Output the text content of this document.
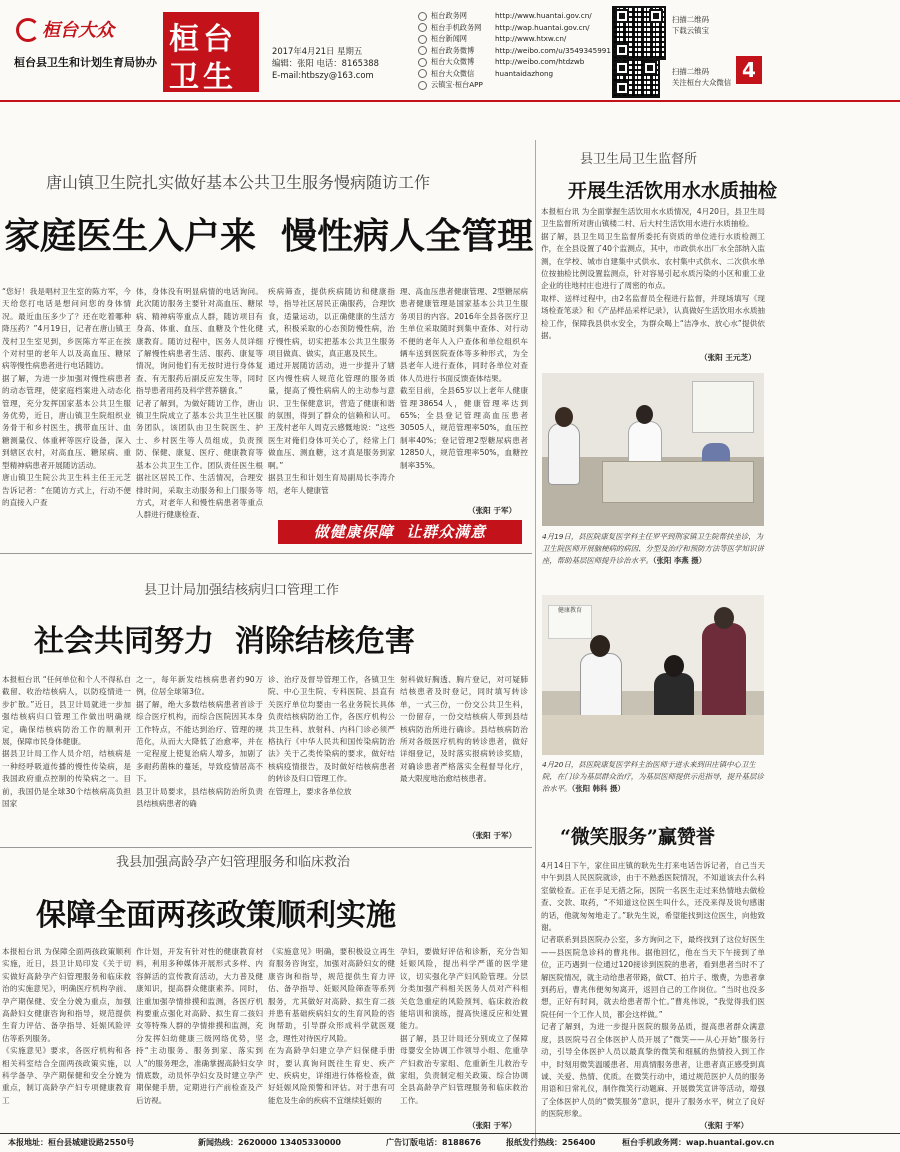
桓台大众
桓台县卫生和计划生育局协办
桓台
卫生
2017年4月21日 星期五
编辑：张阳 电话：8165388
E-mail:htbszy@163.com
桓台政务网	http://www.huantai.gov.cn/
桓台手机政务网 http://wap.huantai.gov.cn/
桓台新闻网	http://www.htxw.cn/
桓台政务微博	http://weibo.com/u/3549345991
桓台大众微博	http://weibo.com/htdzwb
桓台大众微信	huantaidazhong
云镇宝·桓台APP
扫描二维码
下载云镇宝
扫描二维码
关注桓台大众微信
4
唐山镇卫生院扎实做好基本公共卫生服务慢病随访工作
家庭医生入户来  慢性病人全管理
“您好！我是唱村卫生室的陈方军，今天给您打电话是想问问您的身体情况。最近血压多少了？还在吃着哪种降压药？”4月19日，记者在唐山镇王茂村卫生室见到，乡医陈方军正在挨个对村里的老年人以及高血压、糖尿病等慢性病患者进行电话随访。
据了解，为进一步加强对慢性病患者的动态管理，使家庭档案进入动态化管理，充分发挥国家基本公共卫生服务优势，近日，唐山镇卫生院组织业务骨干和乡村医生，携带血压计、血糖测量仪、体重秤等医疗设备，深入到辖区农村，对高血压、糖尿病、重型精神病患者开展随访活动。
唐山镇卫生院公共卫生科主任王元芝告诉记者：“在随访方式上，行动不便的直接入户查
体，身体没有明显病情的电话询问。此次随访服务主要针对高血压、糖尿病、精神病等重点人群，随访项目有身高、体重、血压、血糖及个性化健康教育。随访过程中，医务人员详细了解慢性病患者生活、服药、康复等情况，询问他们有无按时进行身体复查、有无服药后副反应发生等，同时指导患者用药及科学营养膳食。”
记者了解到，为做好随访工作，唐山镇卫生院成立了基本公共卫生社区服务团队，该团队由卫生院医生、护士、乡村医生等人员组成，负责预防、保健、康复、医疗、健康教育等基本公共卫生工作。团队责任医生根据社区居民工作、生活情况，合理安排时间，采取主动服务和上门服务等方式，对老年人和慢性病患者等重点人群进行健康检查、
疾病筛查，提供疾病随访和健康指导，指导社区居民正确服药，合理饮食，适量运动，以正确健康的生活方式，积极采取的心态预防慢性病，治疗慢性病，切实把基本公共卫生服务项目做真、做实，真正惠及民生。
通过开展随访活动，进一步提升了辖区内慢性病人规范化管理的服务质量，提高了慢性病病人的主动参与意识、卫生保健意识，营造了健康和谐的氛围，得到了群众的信赖和认可。王茂村老年人周克云感慨地说：“这些医生对俺们身体可关心了，经常上门做血压、测血糖，这才真是服务到家啊。”
据县卫生和计划生育局副局长李涛介绍，老年人健康管
理、高血压患者健康管理、2型糖尿病患者健康管理是国家基本公共卫生服务项目的内容。2016年全县各医疗卫生单位采取随时到集中查体、对行动不便的老年人入户查体和单位组织车辆车送到医院查体等多种形式，为全县老年人进行查体，同时各单位对查体人员进行书面反馈查体结果。
截至目前，全县65岁以上老年人健康管理38654人，健康管理率达到65%；全县登记管理高血压患者30505人，规范管理率50%，血压控制率40%；登记管理2型糖尿病患者12850人，规范管理率50%，血糖控制率35%。
（张阳 于军）
做健康保障  让群众满意
县卫计局加强结核病归口管理工作
社会共同努力  消除结核危害
本报桓台讯 “任何单位和个人不得私自截留、收治结核病人，以防疫情进一步扩散。”近日，县卫计局就进一步加强结核病归口管理工作做出明确规定，确保结核病防治工作的顺利开展，保障市民身体健康。
据县卫计局工作人员介绍，结核病是一种经呼吸道传播的慢性传染病，是我国政府重点控制的传染病之一。目前，我国仍是全球30个结核病高负担国家
之一，每年新发结核病患者约90万例，位居全球第3位。
据了解，绝大多数结核病患者首诊于综合医疗机构，而综合医院因其本身工作特点，不能达到治疗、管理的规范化，从而大大降低了治愈率，并在一定程度上使复治病人增多，加剧了多耐药菌株的蔓延，导致疫情居高不下。
县卫计局要求，县结核病防治所负责县结核病患者的确
诊、治疗及督导管理工作，各镇卫生院、中心卫生院、专科医院、县直有关医疗单位均要由一名业务院长具体负责结核病防治工作，各医疗机构公共卫生科、放射科、内科门诊必须严格执行《中华人民共和国传染病防治法》关于乙类传染病的要求，做好结核病疫情报告，及时做好结核病患者的转诊及归口管理工作。
在管理上，要求各单位放
射科做好胸透、胸片登记，对可疑肺结核患者及时登记，同时填写转诊单，一式三份，一份交公共卫生科，一份留存，一份交结核病人带到县结核病防治所进行确诊。县结核病防治所对各级医疗机构的转诊患者，做好详细登记，及时落实报病转诊奖励，对确诊患者严格落实全程督导化疗，最大限度地治愈结核患者。
（张阳 于军）
我县加强高龄孕产妇管理服务和临床救治
保障全面两孩政策顺利实施
本报桓台讯 为保障全面两孩政策顺利实施，近日，县卫计局印发《关于切实做好高龄孕产妇管理服务和临床救治的实施意见》，明确医疗机构孕前、孕产期保健、安全分娩为重点，加强高龄妇女健康咨询和指导，规范提供生育力评估、备孕指导、妊娠风险评估等系列服务。
《实施意见》要求，各医疗机构和各相关科室结合全面两孩政策实施，以科学备孕、孕产期保健和安全分娩为重点，制订高龄孕产妇专项健康教育工
作计划，开发有针对性的健康教育材料，利用多种媒体开展形式多样、内容鲜活的宣传教育活动，大力普及健康知识，提高群众健康素养。同时，注重加强孕情排摸和监测，各医疗机构要重点强化对高龄、拟生育二孩妇女等特殊人群的孕情排摸和监测，充分发挥妇幼健康三级网络优势，坚持“主动服务、服务到家、落实到人”的服务理念，准确掌握高龄妇女孕情底数，动员怀孕妇女及时建立孕产期保健手册，定期进行产前检查及产后访视。
《实施意见》明确，要积极设立再生育服务咨询室，加强对高龄妇女的健康咨询和指导，规范提供生育力评估、备孕指导、妊娠风险筛查等系列服务，尤其做好对高龄、拟生育二孩并患有基础疾病妇女的生育风险的咨询帮助，引导群众形成科学就医观念，理性对待医疗风险。
在为高龄孕妇建立孕产妇保健手册时，要认真询问既往生育史、疾产史、疾病史，详细进行体格检查，做好妊娠风险预警和评估。对于患有可能危及生命的疾病不宜继续妊娠的
孕妇，要做好评估和诊断，充分告知妊娠风险，提出科学严谨的医学建议，切实强化孕产妇风险管理。分层分类加强产科相关医务人员对产科相关危急重症的风险预判、临床救治救能培训和演练，提高快速反应和处置能力。
据了解，县卫计局还分别成立了保障母婴安全协调工作领导小组、危重孕产妇救治专家组、危重新生儿救治专家组，负责制定相关政策、综合协调全县高龄孕产妇管理服务和临床救治工作。
（张阳 于军）
县卫生局卫生监督所
开展生活饮用水水质抽检
本报桓台讯 为全面掌握生活饮用水水质情况，4月20日，县卫生局卫生监督所对唐山镇楼二村、后大村生活饮用水进行水质抽检。
据了解，县卫生局卫生监督所委托有资质的单位进行水质检测工作，在全县设置了40个监测点，其中，市政供水出厂水全部纳入监测，在学校、城市自建集中式供水、农村集中式供水、二次供水单位按抽检比例设置监测点，针对容易引起水质污染的小区和重工业企业的往地村庄也进行了周密的布点。
取样、送样过程中，由2名监督员全程进行监督，并现场填写《现场检查笔录》和《产品样品采样记录》，认真做好生活饮用水水质抽检工作，保障我县供水安全，为群众喝上“洁净水、放心水”提供依据。
（张阳 王元芝）
4月19日，县医院康复医学科主任罗平到荆家镇卫生院帮扶坐诊，为卫生院医师开展脑梗病的病因、分型及治疗和预防方法等医学知识讲座，帮助基层医师提升诊治水平。（张阳 李燕 摄）
健康教育
4月20日，县医院康复医学科主治医师于进永来到田庄镇中心卫生院，在门诊为基层群众治疗，为基层医师提供示范指导，提升基层诊治水平。（张阳 韩科 摄）
“微笑服务”赢赞誉
4月14日下午，家住田庄镇的耿先生打来电话告诉记者，自己当天中午到县人民医院就诊，由于不熟悉医院情况，不知道该去什么科室做检查。正在手足无措之际，医院一名医生走过来热情地去做检查、交款、取药，“不知道这位医生叫什么，还没来得及说句感谢的话，他就匆匆地走了。”耿先生说，希望能找到这位医生，向他致谢。
记者联系到县医院办公室，多方询问之下，最终找到了这位好医生——县医院急诊科的曹兆伟。据他回忆，他在当天下午接到了单位，正巧遇到一位通过120接诊到医院的患者，看到患者当时不了解医院情况，就主动给患者带路，做CT、拍片子、缴费，为患者拿到药后，曹兆伟便匆匆离开，返回自己的工作岗位。“当时也没多想，正好有时间，就去给患者帮个忙。”曹兆伟说，“我觉得我们医院任何一个工作人员，都会这样做。”
记者了解到，为进一步提升医院的服务品质，提高患者群众满意度，县医院号召全体医护人员开展了“微笑——从心开始”服务行动，引导全体医护人员以最真挚的微笑和细腻的热情投入到工作中，时刻用微笑温暖患者、用真情服务患者，让患者真正感受到真诚、关爱、热情、优质。在微笑行动中，通过规范医护人员的服务用语和日常礼仪，制作微笑行动题麻、开展微笑宣讲等活动，增强了全体医护人员的“微笑服务”意识，提升了服务水平，树立了良好的医院形象。
（张阳 于军）
本报地址：桓台县城建设路2550号	新闻热线：2620000 13405330000	广告订版电话：8188676	报纸发行热线：256400	桓台手机政务网：wap.huantai.gov.cn
